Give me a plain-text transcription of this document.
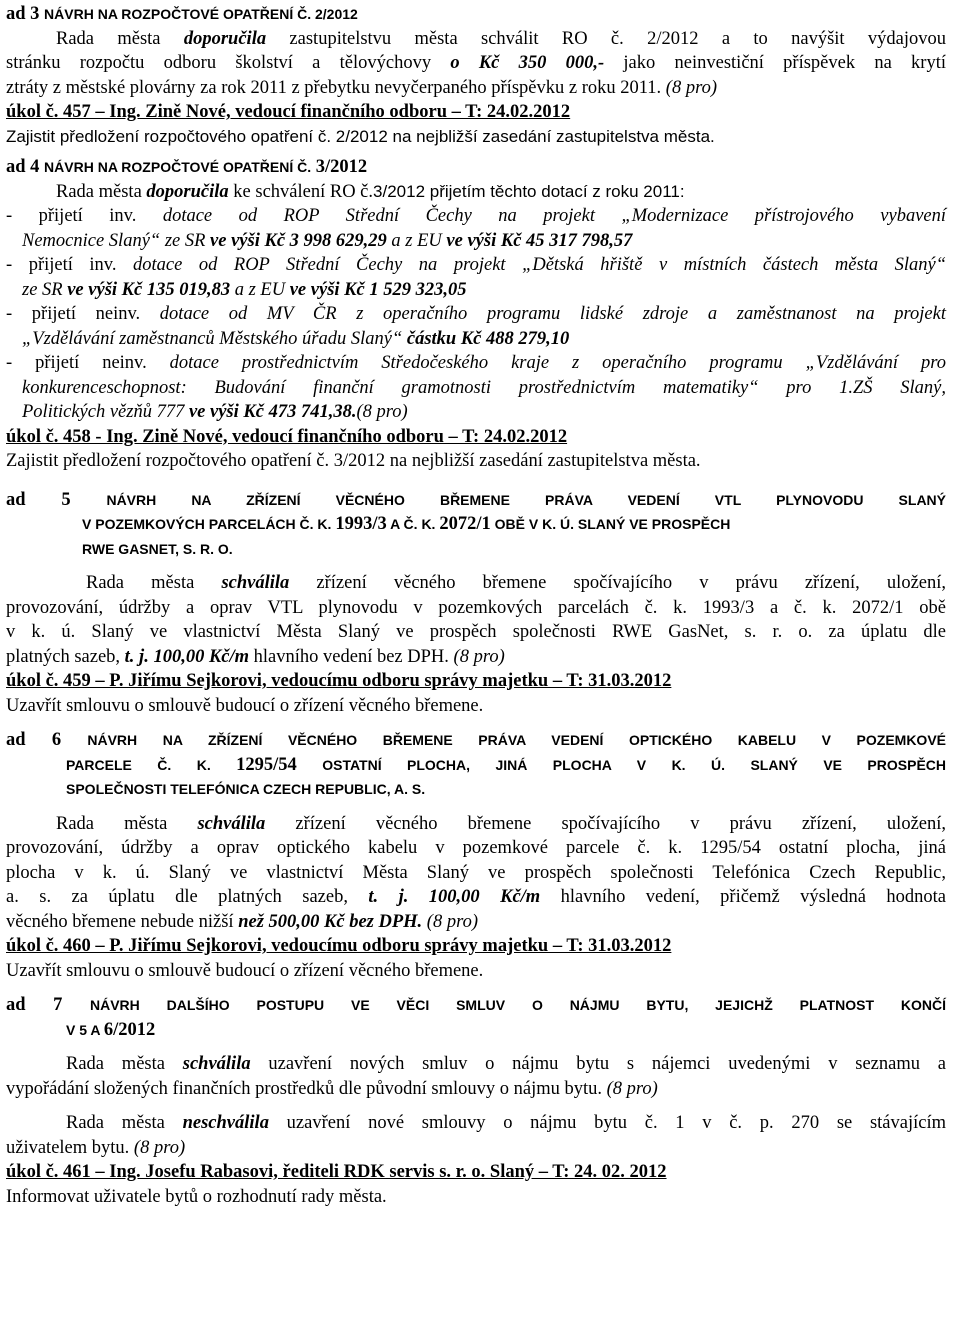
ad 3 NÁVRH NA ROZPOČTOVÉ OPATŘENÍ Č. 2/2012
Rada města doporučila zastupitelstvu města schválit RO č. 2/2012 a to navýšit výdajovou
stránku rozpočtu odboru školství a tělovýchovy o Kč 350 000,- jako neinvestiční příspěvek na krytí
ztráty z městské plovárny za rok 2011 z přebytku nevyčerpaného příspěvku z roku 2011. (8 pro)
úkol č. 457 – Ing. Zině Nové, vedoucí finančního odboru – T: 24.02.2012
Zajistit předložení rozpočtového opatření č. 2/2012 na nejbližší zasedání zastupitelstva města.
ad 4 NÁVRH NA ROZPOČTOVÉ OPATŘENÍ Č. 3/2012
Rada města doporučila ke schválení RO č.3/2012 přijetím těchto dotací z roku 2011:
- přijetí inv. dotace od ROP Střední Čechy na projekt „Modernizace přístrojového vybavení
Nemocnice Slaný“ ze SR ve výši Kč 3 998 629,29 a z EU ve výši Kč 45 317 798,57
- přijetí inv. dotace od ROP Střední Čechy na projekt „Dětská hřiště v místních částech města Slaný“
ze SR ve výši Kč 135 019,83 a z EU ve výši Kč 1 529 323,05
- přijetí neinv. dotace od MV ČR z operačního programu lidské zdroje a zaměstnanost na projekt
„Vzdělávání zaměstnanců Městského úřadu Slaný“ částku Kč 488 279,10
- přijetí neinv. dotace prostřednictvím Středočeského kraje z operačního programu „Vzdělávání pro
konkurenceschopnost: Budování finanční gramotnosti prostřednictvím matematiky“ pro 1.ZŠ Slaný,
Politických vězňů 777 ve výši Kč 473 741,38.(8 pro)
úkol č. 458 - Ing. Zině Nové, vedoucí finančního odboru – T: 24.02.2012
Zajistit předložení rozpočtového opatření č. 3/2012 na nejbližší zasedání zastupitelstva města.
ad 5	NÁVRH NA ZŘÍZENÍ VĚCNÉHO BŘEMENE PRÁVA VEDENÍ VTL PLYNOVODU SLANÝ
V POZEMKOVÝCH PARCELÁCH Č. K. 1993/3 A Č. K. 2072/1 OBĚ V K. Ú. SLANÝ VE PROSPĚCH
RWE GASNET, S. R. O.
Rada města schválila zřízení věcného břemene spočívajícího v právu zřízení, uložení,
provozování, údržby a oprav VTL plynovodu v pozemkových parcelách č. k. 1993/3 a č. k. 2072/1 obě
v k. ú. Slaný ve vlastnictví Města Slaný ve prospěch společnosti RWE GasNet, s. r. o. za úplatu dle
platných sazeb, t. j. 100,00 Kč/m hlavního vedení bez DPH. (8 pro)
úkol č. 459 – P. Jiřímu Sejkorovi, vedoucímu odboru správy majetku – T: 31.03.2012
Uzavřít smlouvu o smlouvě budoucí o zřízení věcného břemene.
ad 6 NÁVRH NA ZŘÍZENÍ VĚCNÉHO BŘEMENE PRÁVA VEDENÍ OPTICKÉHO KABELU V POZEMKOVÉ
PARCELE Č. K. 1295/54 OSTATNÍ PLOCHA, JINÁ PLOCHA V K. Ú. SLANÝ VE PROSPĚCH
SPOLEČNOSTI TELEFÓNICA CZECH REPUBLIC, A. S.
Rada města schválila zřízení věcného břemene spočívajícího v právu zřízení, uložení,
provozování, údržby a oprav optického kabelu v pozemkové parcele č. k. 1295/54 ostatní plocha, jiná
plocha v k. ú. Slaný ve vlastnictví Města Slaný ve prospěch společnosti Telefónica Czech Republic,
a. s. za úplatu dle platných sazeb, t. j. 100,00 Kč/m hlavního vedení, přičemž výsledná hodnota
věcného břemene nebude nižší než 500,00 Kč bez DPH. (8 pro)
úkol č. 460 – P. Jiřímu Sejkorovi, vedoucímu odboru správy majetku – T: 31.03.2012
Uzavřít smlouvu o smlouvě budoucí o zřízení věcného břemene.
ad 7 NÁVRH DALŠÍHO POSTUPU VE VĚCI SMLUV O NÁJMU BYTU, JEJICHŽ PLATNOST KONČÍ
V 5 A 6/2012
Rada města schválila uzavření nových smluv o nájmu bytu s nájemci uvedenými v seznamu a
vypořádání složených finančních prostředků dle původní smlouvy o nájmu bytu. (8 pro)
Rada města neschválila uzavření nové smlouvy o nájmu bytu č. 1 v č. p. 270 se stávajícím
uživatelem bytu. (8 pro)
úkol č. 461 – Ing. Josefu Rabasovi, řediteli RDK servis s. r. o. Slaný – T: 24. 02. 2012
Informovat uživatele bytů o rozhodnutí rady města.
